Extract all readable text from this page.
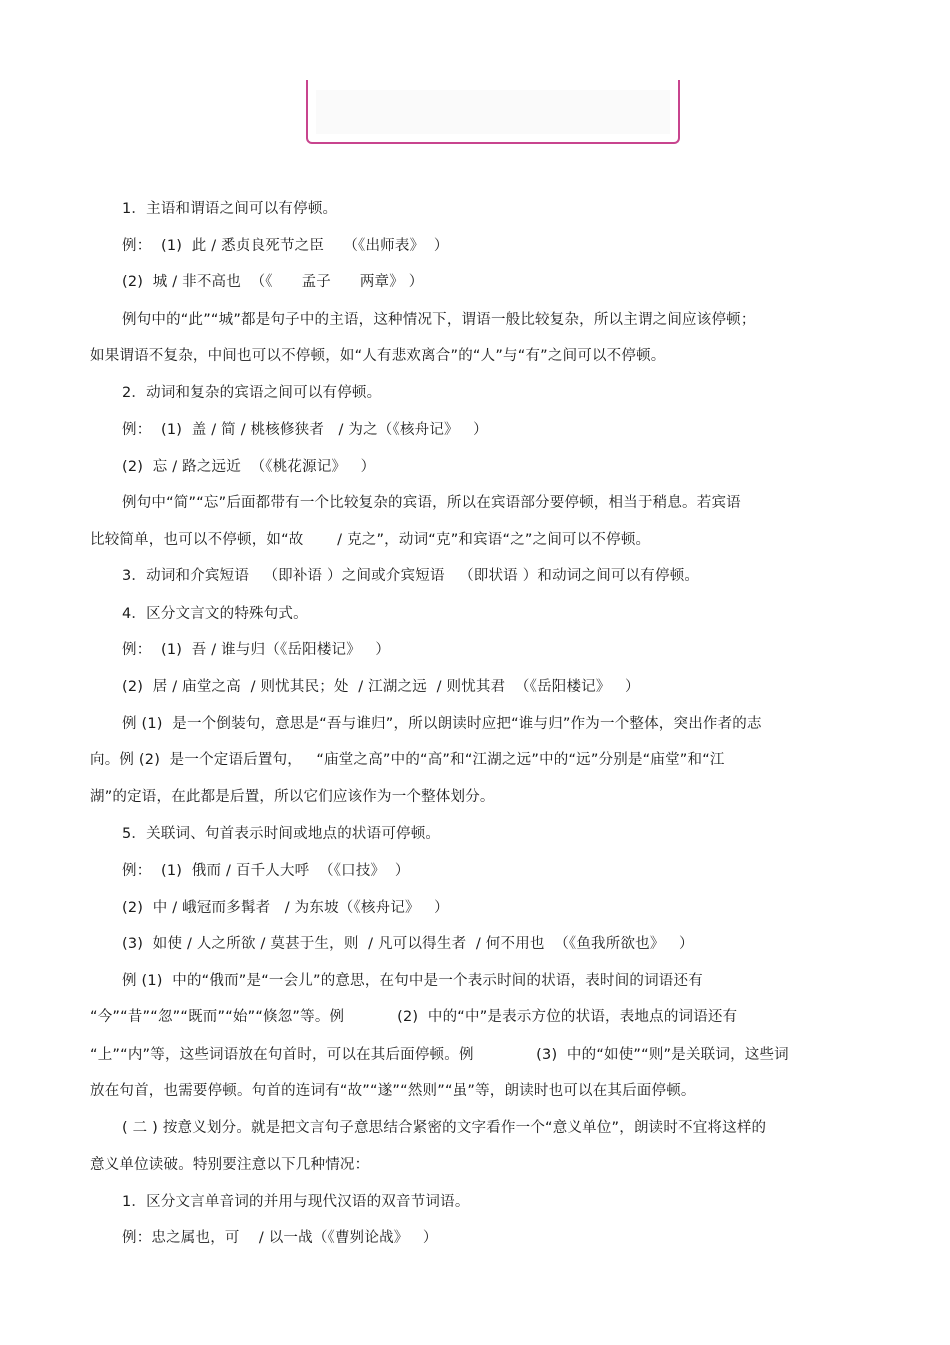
1．主语和谓语之间可以有停顿。
例：  (1)  此 / 悉贞良死节之臣    （《出师表》  ）
(2)  城 / 非不高也  （《      孟子      两章》 ）
例句中的“此”“城”都是句子中的主语，这种情况下，谓语一般比较复杂，所以主谓之间应该停顿；
如果谓语不复杂，中间也可以不停顿，如“人有悲欢离合”的“人”与“有”之间可以不停顿。
2．动词和复杂的宾语之间可以有停顿。
例：  (1)  盖 / 简 / 桃核修狭者   / 为之（《核舟记》   ）
(2)  忘 / 路之远近  （《桃花源记》   ）
例句中“简”“忘”后面都带有一个比较复杂的宾语，所以在宾语部分要停顿，相当于稍息。若宾语
比较简单，也可以不停顿，如“故       / 克之”，动词“克”和宾语“之”之间可以不停顿。
3．动词和介宾短语   （即补语 ）之间或介宾短语   （即状语 ）和动词之间可以有停顿。
4．区分文言文的特殊句式。
例：  (1)  吾 / 谁与归（《岳阳楼记》   ）
(2)  居 / 庙堂之高  / 则忧其民；处  / 江湖之远  / 则忧其君  （《岳阳楼记》   ）
例 (1)  是一个倒装句，意思是“吾与谁归”，所以朗读时应把“谁与归”作为一个整体，突出作者的志
向。例 (2)  是一个定语后置句，   “庙堂之高”中的“高”和“江湖之远”中的“远”分别是“庙堂”和“江
湖”的定语，在此都是后置，所以它们应该作为一个整体划分。
5．关联词、句首表示时间或地点的状语可停顿。
例：  (1)  俄而 / 百千人大呼  （《口技》  ）
(2)  中 / 峨冠而多髯者   / 为东坡（《核舟记》   ）
(3)  如使 / 人之所欲 / 莫甚于生，则  / 凡可以得生者  / 何不用也  （《鱼我所欲也》   ）
例 (1)  中的“俄而”是“一会儿”的意思，在句中是一个表示时间的状语，表时间的词语还有
“今”“昔”“忽”“既而”“始”“倏忽”等。例           (2)  中的“中”是表示方位的状语，表地点的词语还有
“上”“内”等，这些词语放在句首时，可以在其后面停顿。例             (3)  中的“如使”“则”是关联词，这些词
放在句首，也需要停顿。句首的连词有“故”“遂”“然则”“虽”等，朗读时也可以在其后面停顿。
( 二 ) 按意义划分。就是把文言句子意思结合紧密的文字看作一个“意义单位”，朗读时不宜将这样的
意义单位读破。特别要注意以下几种情况：
1．区分文言单音词的并用与现代汉语的双音节词语。
例：忠之属也，可    / 以一战（《曹刿论战》   ）
